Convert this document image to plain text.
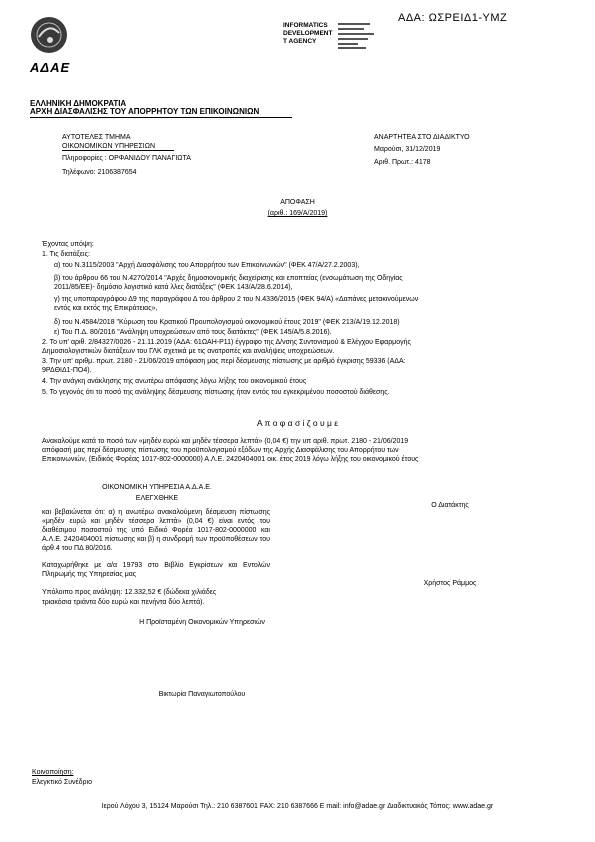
ΑΔΑ: ΩΣΡΕΙΔ1-ΥΜΖ
ΑΔΑΕ
INFORMATICS
DEVELOPMENT
T AGENCY
ΕΛΛΗΝΙΚΗ ΔΗΜΟΚΡΑΤΙΑ
ΑΡΧΗ ΔΙΑΣΦΑΛΙΣΗΣ ΤΟΥ ΑΠΟΡΡΗΤΟΥ ΤΩΝ ΕΠΙΚΟΙΝΩΝΙΩΝ
ΑΥΤΟΤΕΛΕΣ ΤΜΗΜΑ
ΟΙΚΟΝΟΜΙΚΩΝ ΥΠΗΡΕΣΙΩΝ
Πληροφορίες : ΟΡΦΑΝΙΔΟΥ ΠΑΝΑΓΙΩΤΑ
Τηλέφωνο: 2106387654
ΑΝΑΡΤΗΤΕΑ ΣΤΟ ΔΙΑΔΙΚΤΥΟ
Μαρούσι, 31/12/2019
Αριθ. Πρωτ.: 4178
ΑΠΟΦΑΣΗ
(αριθ.: 169/Α/2019)
Έχοντας υπόψη:
1. Τις διατάξεις:
α) του Ν.3115/2003 "Αρχή Διασφάλισης του Απορρήτου των Επικοινωνιών" (ΦΕΚ 47/Α/27.2.2003),
β) του άρθρου 66 του Ν.4270/2014 "Αρχές δημοσιονομικής διαχείρισης και εποπτείας (ενσωμάτωση της Οδηγίας
2011/85/ΕΕ)- δημόσιο λογιστικό κατά λλες διατάξεις" (ΦΕΚ 143/Α/28.6.2014),
γ) της υποπαραγράφου Δ9 της παραγράφου Δ του άρθρου 2 του Ν.4336/2015 (ΦΕΚ 94/Α) «Δαπάνες μετακινούμενων
εντός και εκτός της Επικράτειας»,
δ) του Ν.4584/2018 "Κύρωση του Κρατικού Προυπολογισμού οικονομικού έτους 2019" (ΦΕΚ 213/Α/19.12.2018)
ε) Του Π.Δ. 80/2016 "Ανάληψη υποχρεώσεων από τους διατάκτες" (ΦΕΚ 145/Α/5.8.2016).
2. Το υπ' αριθ. 2/84327/0026 - 21.11.2019 (ΑΔΑ: 61ΩΑΗ-Ρ11) έγγραφο της Δ/νσης Συντονισμού & Ελέγχου Εφαρμογής
Δημοσιολογιστικών διατάξεων του ΓΛΚ σχετικά με τις ανατροπές και αναλήψεις υποχρεώσεων.
3. Την υπ' αριθμ. πρωτ. 2180 - 21/06/2019 απόφαση μας περί δέσμευσης πίστωσης με αριθμό έγκρισης 59336 (ΑΔΑ:
9ΡΔΘΙΔ1-ΠΟ4).
4. Την ανάγκη ανάκλησης της ανωτέρω απόφασης λόγω λήξης του οικονομικού έτους
5. Το γεγονός ότι το ποσό της ανάληψης δέσμευσης πίστωσης ήταν εντός του εγκεκριμένου ποσοστού διάθεσης.
Α π ο φ α σ ί ζ ο υ μ ε
Ανακαλούμε κατά το ποσό των «μηδέν ευρώ και μηδέν τέσσερα λεπτά» (0,04 €) την υπ αριθ. πρωτ. 2180 - 21/06/2019
απόφασή μας περί δέσμευσης πίστωσης του προϋπολογισμού εξόδων της Αρχής Διασφάλισης του Απορρήτου των
Επικοινωνιών, (Ειδικός Φορέας 1017-802-0000000) Α.Λ.Ε. 2420404001 οικ. έτος 2019 λόγω λήξης του οικονομικού έτους
ΟΙΚΟΝΟΜΙΚΗ ΥΠΗΡΕΣΙΑ Α.Δ.Α.Ε.
ΕΛΕΓΧΘΗΚΕ
και βεβαιώνεται ότι: α) η ανωτέρω ανακαλούμενη δέσμευση πίστωσης «μηδέν ευρώ και μηδέν τέσσερα λεπτά» (0,04 €) είναι εντός του διαθέσιμου ποσοστού της υπό Ειδικό Φορέα 1017-802-0000000 και Α.Λ.Ε. 2420404001 πίστωσης και β) η συνδρομή των προϋποθέσεων του άρθ.4 του ΠΔ 80/2016.
Καταχωρήθηκε με α/α 19793 στο Βιβλίο Εγκρίσεων και Εντολών Πληρωμής της Υπηρεσίας μας
Υπόλοιπο προς ανάληψη: 12.332,52 € (δώδεκα χιλιάδες
τριακόσια τριάντα δύο ευρώ και πενήντα δύο λεπτά).
Η Προϊσταμένη Οικονομικών Υπηρεσιών
Βικτωρία Παναγιωτοπούλου
Ο Διατάκτης
Χρήστος Ράμμος
Κοινοποίηση:
Ελεγκτικό Συνέδριο
Ιερού Λόχου 3, 15124 Μαρούσι Τηλ.: 210 6387601 FAX: 210 6387666 E mail: info@adae.gr Διαδικτυακός Τόπος: www.adae.gr
